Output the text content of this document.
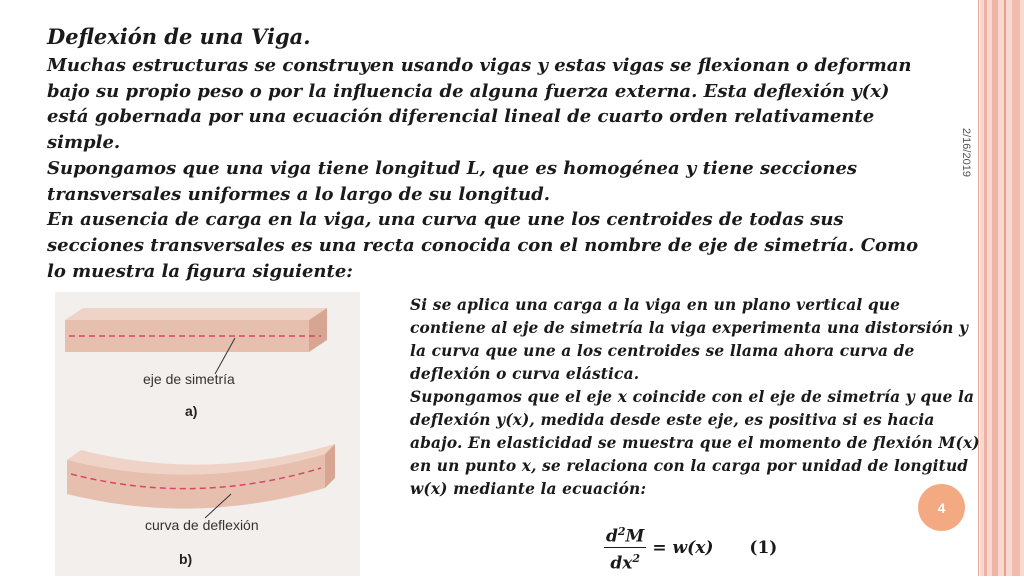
2/16/2019
Deflexión de una Viga.

Muchas estructuras se construyen usando vigas y estas vigas se flexionan o deforman bajo su propio peso o por la influencia de alguna fuerza externa. Esta deflexión y(x) está gobernada por una ecuación diferencial lineal de cuarto orden relativamente simple.

Supongamos que una viga tiene longitud L, que es homogénea y tiene secciones transversales uniformes a lo largo de su longitud.

En ausencia de carga en la viga, una curva que une los centroides de todas sus secciones transversales es una recta conocida con el nombre de eje de simetría. Como lo muestra la figura siguiente:

eje de simetría
a)
curva de deflexión
b)

Si se aplica una carga a la viga en un plano vertical que contiene al eje de simetría la viga experimenta una distorsión y la curva que une a los centroides se llama ahora curva de deflexión o curva elástica.

Supongamos que el eje x coincide con el eje de simetría y que la deflexión y(x), medida desde este eje, es positiva si es hacia abajo. En elasticidad se muestra que el momento de flexión M(x) en un punto x, se relaciona con la carga por unidad de longitud w(x) mediante la ecuación:

4
$\frac{d^2M}{dx^2} = w(x)$ (1)
